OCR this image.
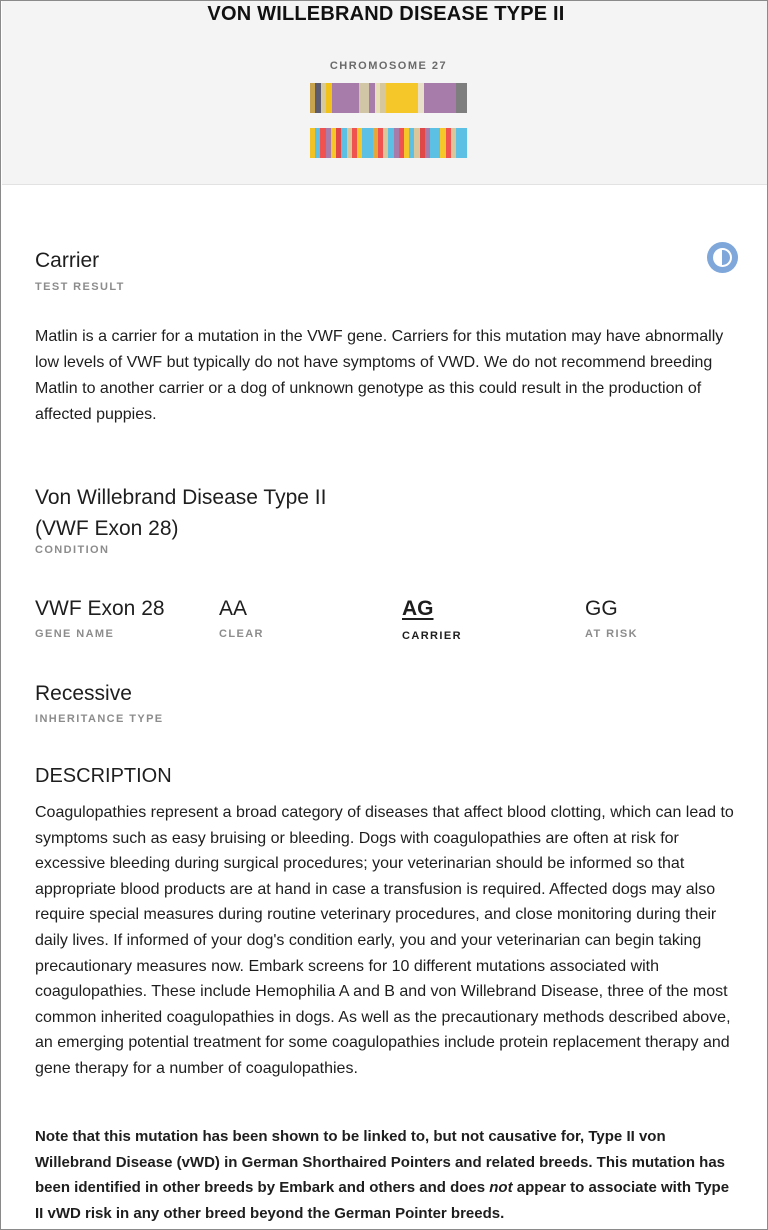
VON WILLEBRAND DISEASE TYPE II
CHROMOSOME 27
Carrier
TEST RESULT
Matlin is a carrier for a mutation in the VWF gene. Carriers for this mutation may have abnormally low levels of VWF but typically do not have symptoms of VWD. We do not recommend breeding Matlin to another carrier or a dog of unknown genotype as this could result in the production of affected puppies.
Von Willebrand Disease Type II
(VWF Exon 28)
CONDITION
VWF Exon 28
GENE NAME
AA
CLEAR
AG
CARRIER
GG
AT RISK
Recessive
INHERITANCE TYPE
DESCRIPTION
Coagulopathies represent a broad category of diseases that affect blood clotting, which can lead to symptoms such as easy bruising or bleeding. Dogs with coagulopathies are often at risk for excessive bleeding during surgical procedures; your veterinarian should be informed so that appropriate blood products are at hand in case a transfusion is required. Affected dogs may also require special measures during routine veterinary procedures, and close monitoring during their daily lives. If informed of your dog's condition early, you and your veterinarian can begin taking precautionary measures now. Embark screens for 10 different mutations associated with coagulopathies. These include Hemophilia A and B and von Willebrand Disease, three of the most common inherited coagulopathies in dogs. As well as the precautionary methods described above, an emerging potential treatment for some coagulopathies include protein replacement therapy and gene therapy for a number of coagulopathies.
Note that this mutation has been shown to be linked to, but not causative for, Type II von Willebrand Disease (vWD) in German Shorthaired Pointers and related breeds. This mutation has been identified in other breeds by Embark and others and does not appear to associate with Type II vWD risk in any other breed beyond the German Pointer breeds.
